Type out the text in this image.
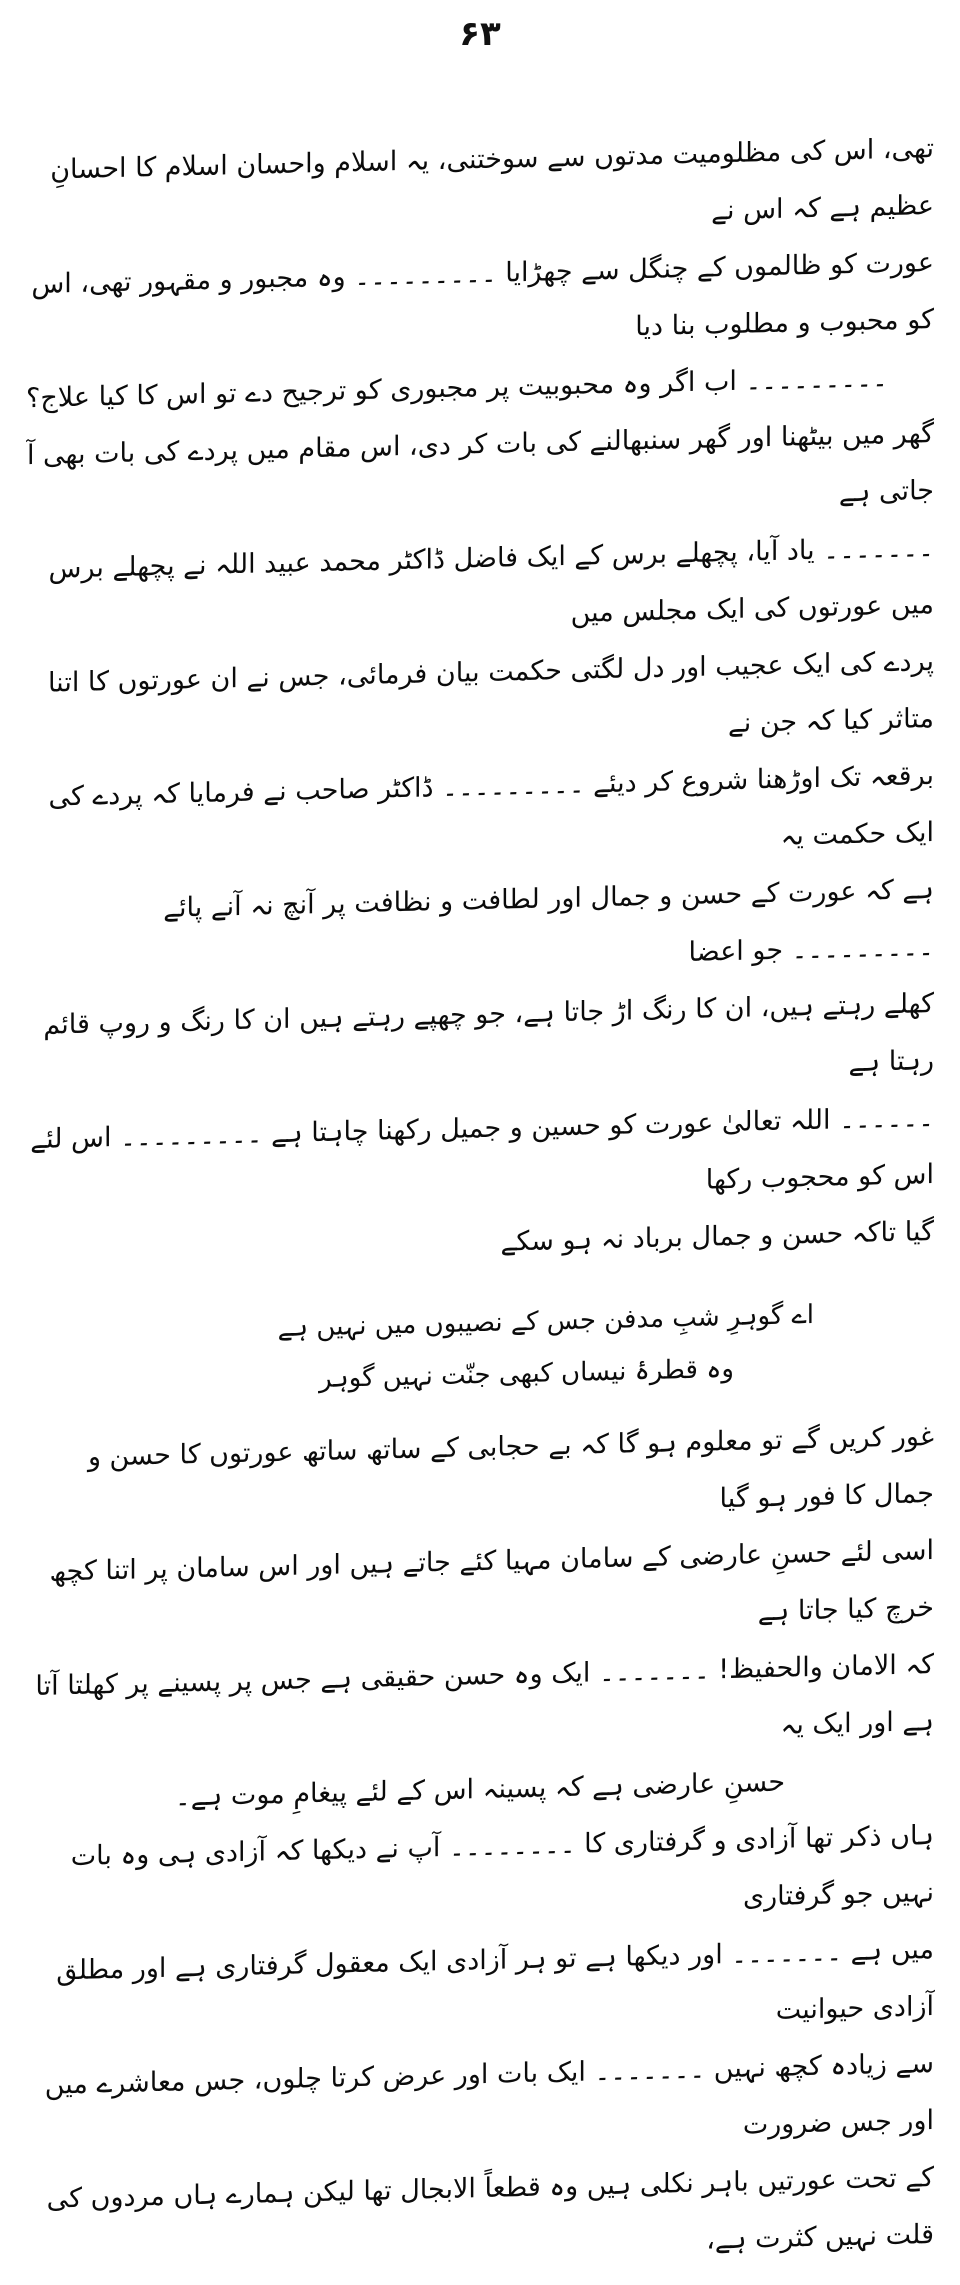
۶۳
تھی، اس کی مظلومیت مدتوں سے سوختنی، یہ اسلام واحسان اسلام کا احسانِ عظیم ہے کہ اس نے
عورت کو ظالموں کے چنگل سے چھڑایا ۔۔۔۔۔۔۔۔۔ وہ مجبور و مقہور تھی، اس کو محبوب و مطلوب بنا دیا
۔۔۔۔۔۔۔۔۔ اب اگر وہ محبوبیت پر مجبوری کو ترجیح دے تو اس کا کیا علاج؟
گھر میں بیٹھنا اور گھر سنبھالنے کی بات کر دی، اس مقام میں پردے کی بات بھی آ جاتی ہے
۔۔۔۔۔۔۔ یاد آیا، پچھلے برس کے ایک فاضل ڈاکٹر محمد عبید اللہ نے پچھلے برس میں عورتوں کی ایک مجلس میں
پردے کی ایک عجیب اور دل لگتی حکمت بیان فرمائی، جس نے ان عورتوں کا اتنا متاثر کیا کہ جن نے
برقعہ تک اوڑھنا شروع کر دیئے ۔۔۔۔۔۔۔۔۔ ڈاکٹر صاحب نے فرمایا کہ پردے کی ایک حکمت یہ
ہے کہ عورت کے حسن و جمال اور لطافت و نظافت پر آنچ نہ آنے پائے ۔۔۔۔۔۔۔۔۔ جو اعضا
کھلے رہتے ہیں، ان کا رنگ اڑ جاتا ہے، جو چھپے رہتے ہیں ان کا رنگ و روپ قائم رہتا ہے
۔۔۔۔۔۔ اللہ تعالیٰ عورت کو حسین و جمیل رکھنا چاہتا ہے ۔۔۔۔۔۔۔۔۔ اس لئے اس کو محجوب رکھا
گیا تاکہ حسن و جمال برباد نہ ہو سکے
اے گوہرِ شبِ مدفن جس کے نصیبوں میں نہیں ہے
وہ قطرۂ نیساں کبھی جنّت نہیں گوہر
غور کریں گے تو معلوم ہو گا کہ بے حجابی کے ساتھ ساتھ عورتوں کا حسن و جمال کا فور ہو گیا
اسی لئے حسنِ عارضی کے سامان مہیا کئے جاتے ہیں اور اس سامان پر اتنا کچھ خرچ کیا جاتا ہے
کہ الامان والحفیظ! ۔۔۔۔۔۔۔ ایک وہ حسن حقیقی ہے جس پر پسینے پر کھلتا آتا ہے اور ایک یہ
حسنِ عارضی ہے کہ پسینہ اس کے لئے پیغامِ موت ہے۔
ہاں ذکر تھا آزادی و گرفتاری کا ۔۔۔۔۔۔۔۔ آپ نے دیکھا کہ آزادی ہی وہ بات نہیں جو گرفتاری
میں ہے ۔۔۔۔۔۔۔ اور دیکھا ہے تو ہر آزادی ایک معقول گرفتاری ہے اور مطلق آزادی حیوانیت
سے زیادہ کچھ نہیں ۔۔۔۔۔۔۔ ایک بات اور عرض کرتا چلوں، جس معاشرے میں اور جس ضرورت
کے تحت عورتیں باہر نکلی ہیں وہ قطعاً الابجال تھا لیکن ہمارے ہاں مردوں کی قلت نہیں کثرت ہے،
